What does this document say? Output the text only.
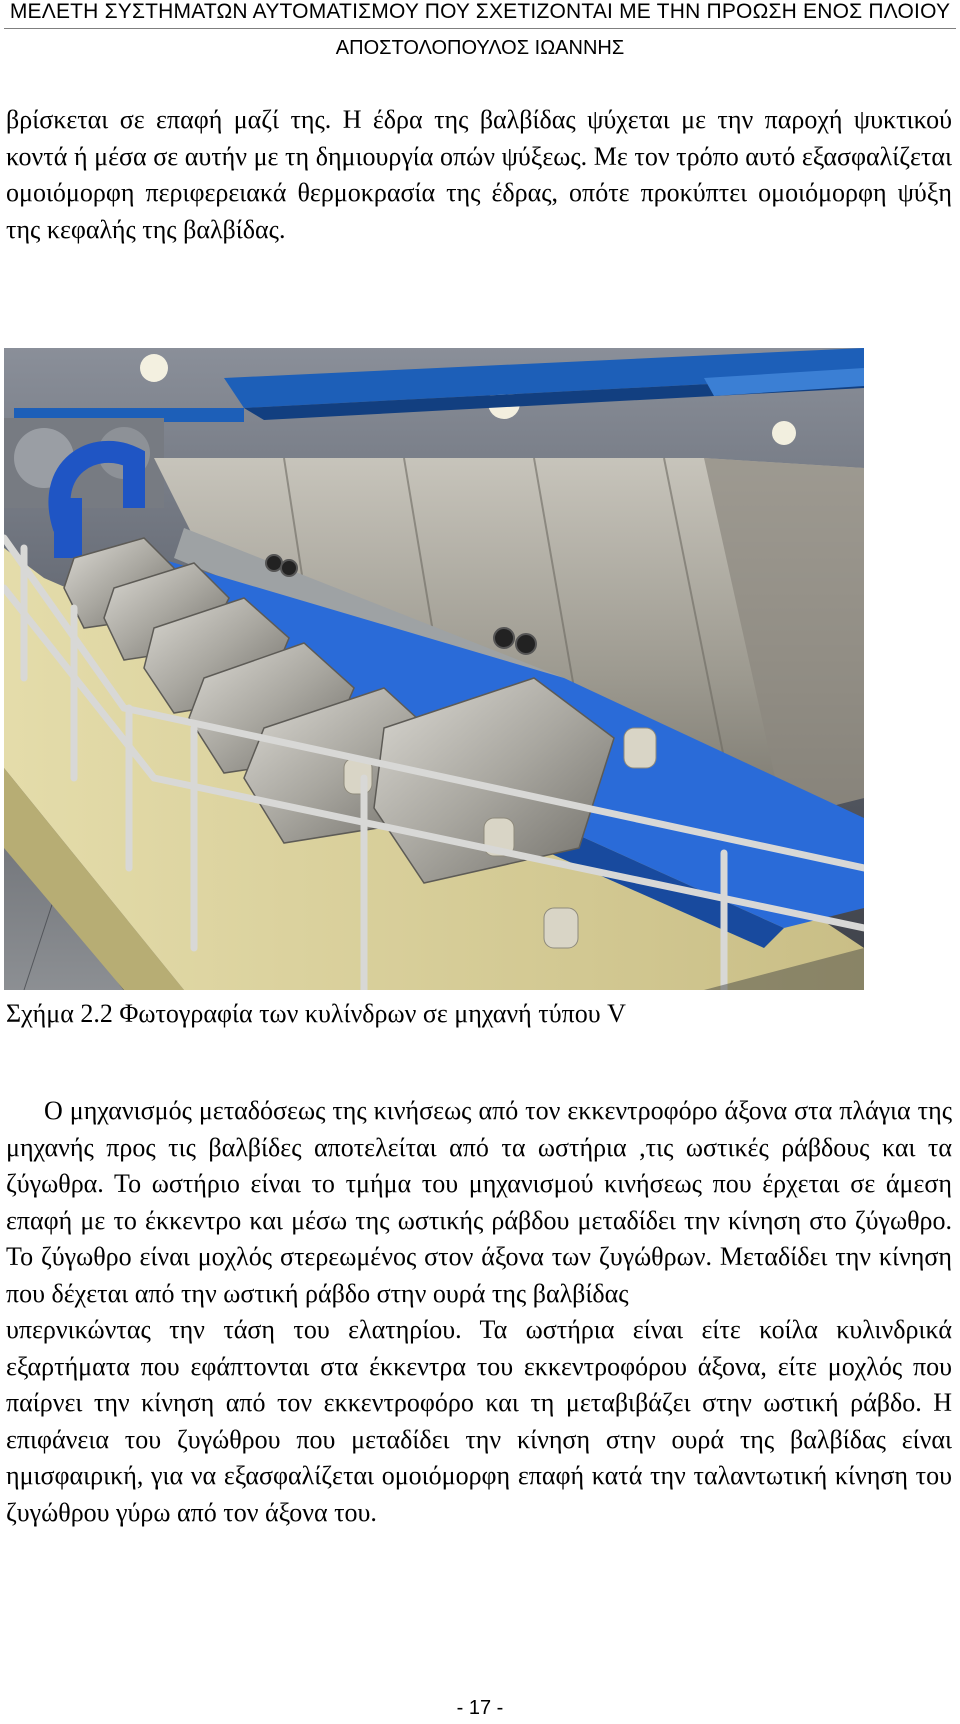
ΜΕΛΕΤΗ ΣΥΣΤΗΜΑΤΩΝ ΑΥΤΟΜΑΤΙΣΜΟΥ ΠΟΥ ΣΧΕΤΙΖΟΝΤΑΙ ΜΕ ΤΗΝ ΠΡΟΩΣΗ ΕΝΟΣ ΠΛΟΙΟΥ
ΑΠΟΣΤΟΛΟΠΟΥΛΟΣ ΙΩΑΝΝΗΣ

βρίσκεται σε επαφή μαζί της. Η έδρα της βαλβίδας ψύχεται με την παροχή ψυκτικού κοντά ή μέσα σε αυτήν με τη δημιουργία οπών ψύξεως. Με τον τρόπο αυτό εξασφαλίζεται ομοιόμορφη περιφερειακά θερμοκρασία της έδρας, οπότε προκύπτει ομοιόμορφη ψύξη της κεφαλής της βαλβίδας.

Σχήμα 2.2 Φωτογραφία των κυλίνδρων σε μηχανή τύπου V

Ο μηχανισμός μεταδόσεως της κινήσεως από τον εκκεντροφόρο άξονα στα πλάγια της μηχανής προς τις βαλβίδες αποτελείται από τα ωστήρια ,τις ωστικές ράβδους και τα ζύγωθρα. Το ωστήριο είναι το τμήμα του μηχανισμού κινήσεως που έρχεται σε άμεση επαφή με το έκκεντρο και μέσω της ωστικής ράβδου μεταδίδει την κίνηση στο ζύγωθρο. Το ζύγωθρο είναι μοχλός στερεωμένος στον άξονα των ζυγώθρων. Μεταδίδει την κίνηση που δέχεται από την ωστική ράβδο στην ουρά της βαλβίδας
υπερνικώντας την τάση του ελατηρίου. Τα ωστήρια είναι είτε κοίλα κυλινδρικά εξαρτήματα που εφάπτονται στα έκκεντρα του εκκεντροφόρου άξονα, είτε μοχλός που παίρνει την κίνηση από τον εκκεντροφόρο και τη μεταβιβάζει στην ωστική ράβδο. Η επιφάνεια του ζυγώθρου που μεταδίδει την κίνηση στην ουρά της βαλβίδας είναι ημισφαιρική, για να εξασφαλίζεται ομοιόμορφη επαφή κατά την ταλαντωτική κίνηση του ζυγώθρου γύρω από τον άξονα του.

- 17 -
